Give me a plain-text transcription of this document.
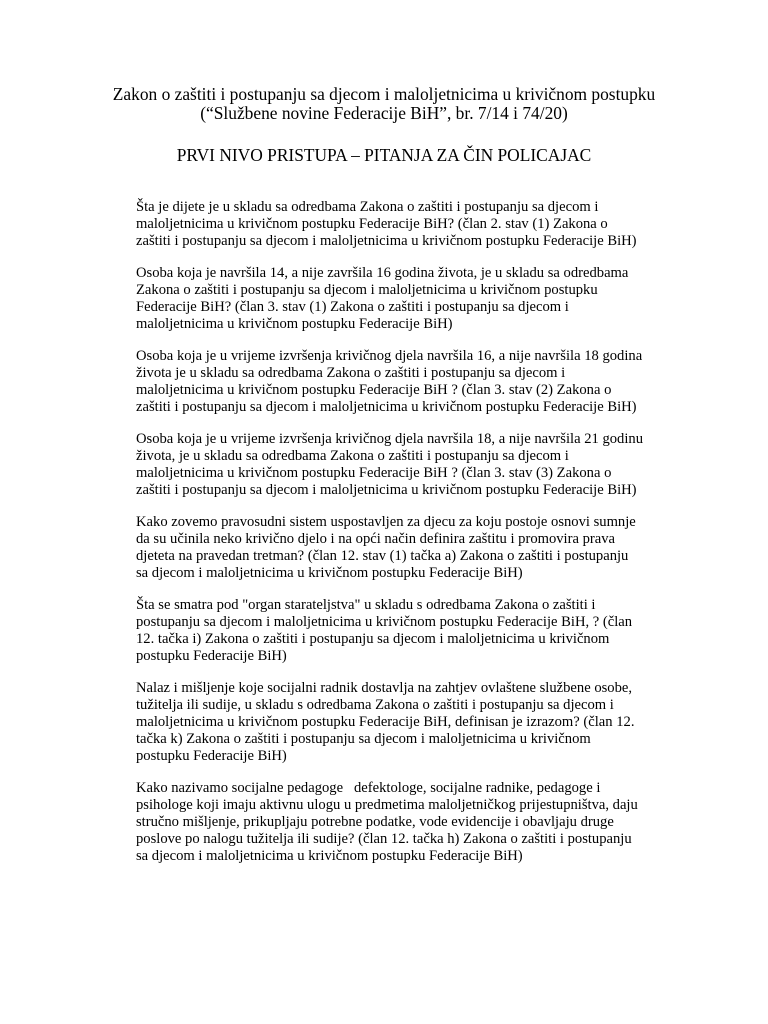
Zakon o zaštiti i postupanju sa djecom i maloljetnicima u krivičnom postupku
(“Službene novine Federacije BiH”, br. 7/14 i 74/20)
PRVI NIVO PRISTUPA – PITANJA ZA ČIN POLICAJAC
Šta je dijete je u skladu sa odredbama Zakona o zaštiti i postupanju sa djecom i
maloljetnicima u krivičnom postupku Federacije BiH? (član 2. stav (1) Zakona o
zaštiti i postupanju sa djecom i maloljetnicima u krivičnom postupku Federacije BiH)
Osoba koja je navršila 14, a nije završila 16 godina života, je u skladu sa odredbama
Zakona o zaštiti i postupanju sa djecom i maloljetnicima u krivičnom postupku
Federacije BiH? (član 3. stav (1) Zakona o zaštiti i postupanju sa djecom i
maloljetnicima u krivičnom postupku Federacije BiH)
Osoba koja je u vrijeme izvršenja krivičnog djela navršila 16, a nije navršila 18 godina
života je u skladu sa odredbama Zakona o zaštiti i postupanju sa djecom i
maloljetnicima u krivičnom postupku Federacije BiH ? (član 3. stav (2) Zakona o
zaštiti i postupanju sa djecom i maloljetnicima u krivičnom postupku Federacije BiH)
Osoba koja je u vrijeme izvršenja krivičnog djela navršila 18, a nije navršila 21 godinu
života, je u skladu sa odredbama Zakona o zaštiti i postupanju sa djecom i
maloljetnicima u krivičnom postupku Federacije BiH ? (član 3. stav (3) Zakona o
zaštiti i postupanju sa djecom i maloljetnicima u krivičnom postupku Federacije BiH)
Kako zovemo pravosudni sistem uspostavljen za djecu za koju postoje osnovi sumnje
da su učinila neko krivično djelo i na opći način definira zaštitu i promovira prava
djeteta na pravedan tretman? (član 12. stav (1) tačka a) Zakona o zaštiti i postupanju
sa djecom i maloljetnicima u krivičnom postupku Federacije BiH)
Šta se smatra pod "organ starateljstva" u skladu s odredbama Zakona o zaštiti i
postupanju sa djecom i maloljetnicima u krivičnom postupku Federacije BiH, ? (član
12. tačka i) Zakona o zaštiti i postupanju sa djecom i maloljetnicima u krivičnom
postupku Federacije BiH)
Nalaz i mišljenje koje socijalni radnik dostavlja na zahtjev ovlaštene službene osobe,
tužitelja ili sudije, u skladu s odredbama Zakona o zaštiti i postupanju sa djecom i
maloljetnicima u krivičnom postupku Federacije BiH, definisan je izrazom? (član 12.
tačka k) Zakona o zaštiti i postupanju sa djecom i maloljetnicima u krivičnom
postupku Federacije BiH)
Kako nazivamo socijalne pedagoge   defektologe, socijalne radnike, pedagoge i
psihologe koji imaju aktivnu ulogu u predmetima maloljetničkog prijestupništva, daju
stručno mišljenje, prikupljaju potrebne podatke, vode evidencije i obavljaju druge
poslove po nalogu tužitelja ili sudije? (član 12. tačka h) Zakona o zaštiti i postupanju
sa djecom i maloljetnicima u krivičnom postupku Federacije BiH)
